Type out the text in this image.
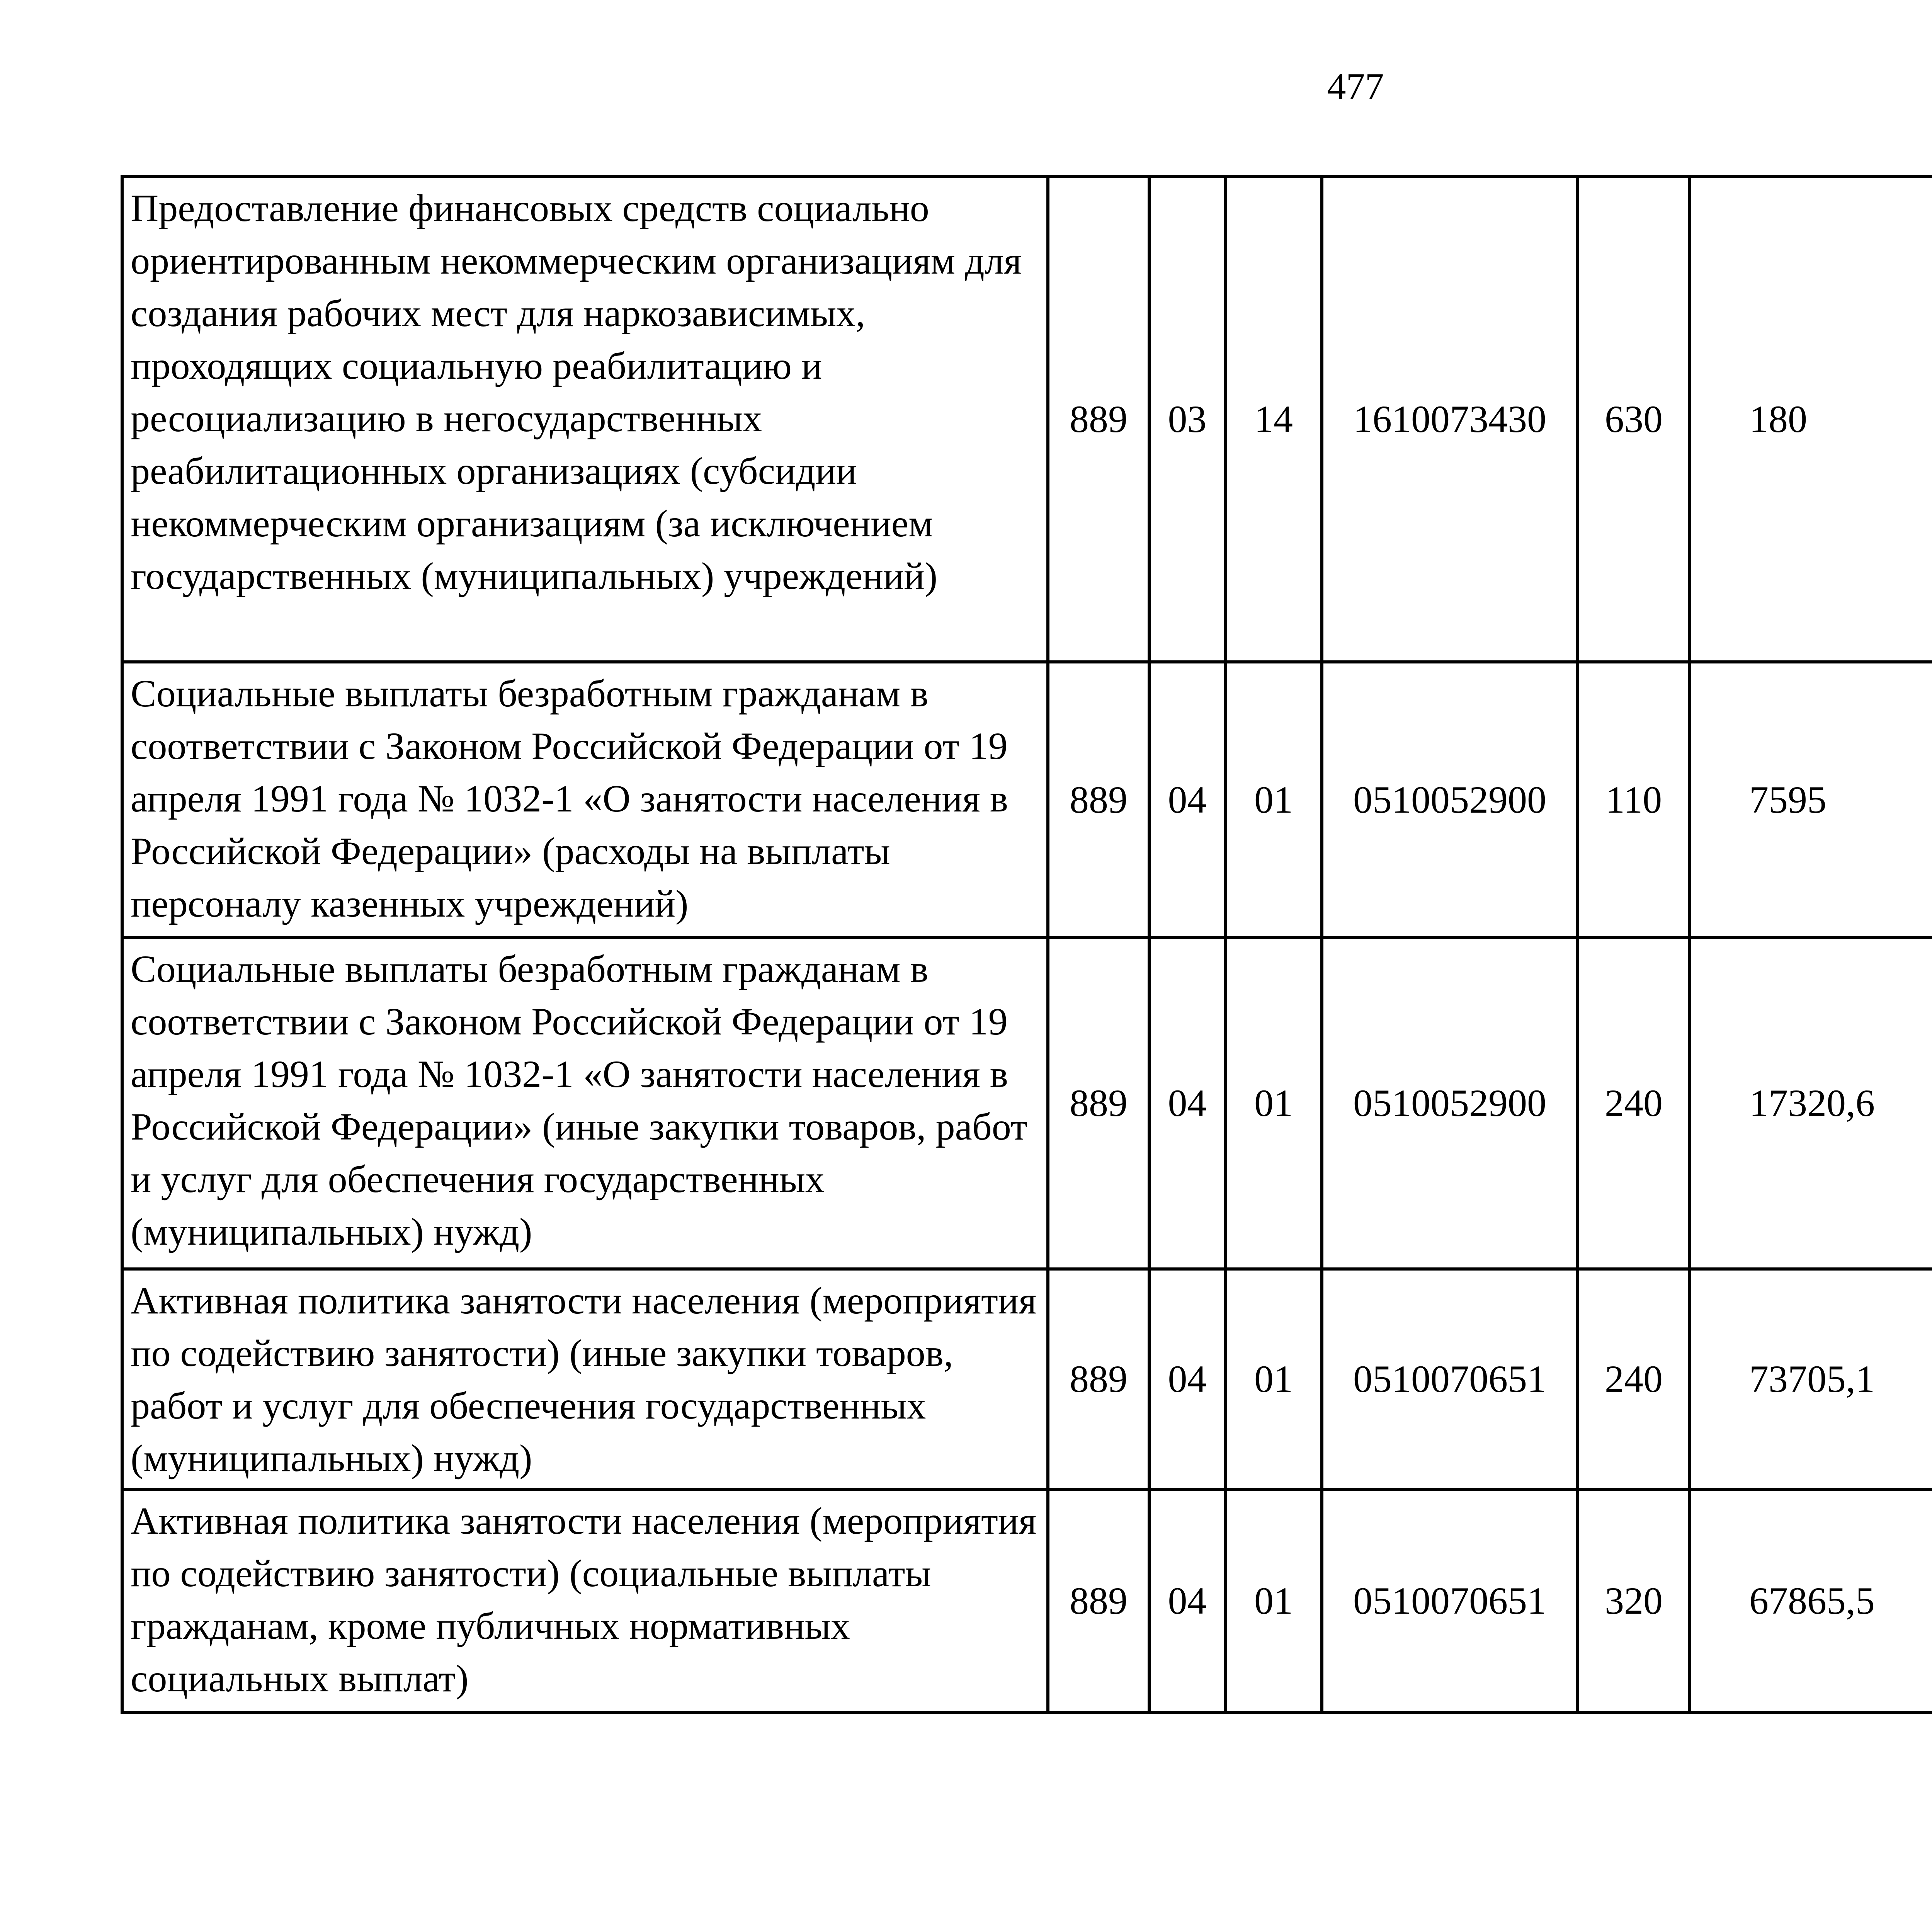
477
Предоставление финансовых средств социально ориентированным некоммерческим организациям для создания рабочих мест для наркозависимых, проходящих социальную реабилитацию и ресоциализацию в негосударственных реабилитационных организациях (субсидии некоммерческим организациям (за исключением государственных (муниципальных) учреждений)	889	03	14	1610073430	630	180		
Социальные выплаты безработным гражданам в соответствии с Законом Российской Федерации от 19 апреля 1991 года № 1032-1 «О занятости населения в Российской Федерации» (расходы на выплаты персоналу казенных учреждений)	889	04	01	0510052900	110	7595		
Социальные выплаты безработным гражданам в соответствии с Законом Российской Федерации от 19 апреля 1991 года № 1032-1 «О занятости населения в Российской Федерации» (иные закупки товаров, работ и услуг для обеспечения государственных (муниципальных) нужд)	889	04	01	0510052900	240	17320,6		
Активная политика занятости населения (мероприятия по содействию занятости) (иные закупки товаров, работ и услуг для обеспечения государственных (муниципальных) нужд)	889	04	01	0510070651	240	73705,1		
Активная политика занятости населения (мероприятия по содействию занятости) (социальные выплаты гражданам, кроме публичных нормативных социальных выплат)	889	04	01	0510070651	320	67865,5		
